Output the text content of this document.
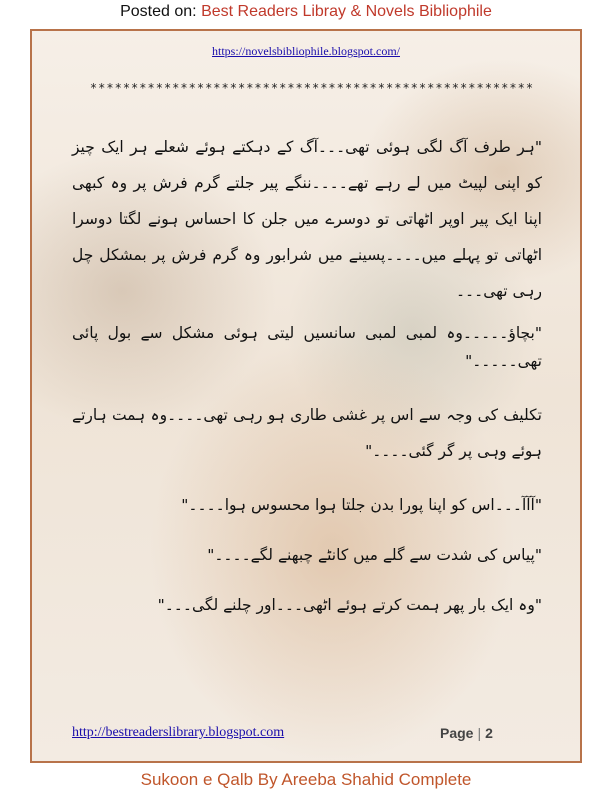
Posted on: Best Readers Libray & Novels Bibliophile
https://novelsbibliophile.blogspot.com/
******************************************************

"ہر طرف آگ لگی ہوئی تھی۔۔۔آگ کے دہکتے ہوئے شعلے ہر ایک چیز کو اپنی لپیٹ میں لے رہے تھے۔۔۔۔ننگے پیر جلتے گرم فرش پر وہ کبھی اپنا ایک پیر اوپر اٹھاتی تو دوسرے میں جلن کا احساس ہونے لگتا دوسرا اٹھاتی تو پہلے میں۔۔۔۔پسینے میں شرابور وہ گرم فرش پر بمشکل چل رہی تھی۔۔۔

"بچاؤ۔۔۔۔۔وہ لمبی لمبی سانسیں لیتی ہوئی مشکل سے بول پائی تھی۔۔۔۔۔"

تکلیف کی وجہ سے اس پر غشی طاری ہو رہی تھی۔۔۔۔وہ ہمت ہارتے ہوئے وہی پر گر گئی۔۔۔۔"

"آآآ۔۔۔اس کو اپنا پورا بدن جلتا ہوا محسوس ہوا۔۔۔۔"

"پیاس کی شدت سے گلے میں کانٹے چبھنے لگے۔۔۔۔"

"وہ ایک بار پھر ہمت کرتے ہوئے اٹھی۔۔۔اور چلنے لگی۔۔۔"

http://bestreaderslibrary.blogspot.com	Page | 2
Sukoon e Qalb By Areeba Shahid Complete
